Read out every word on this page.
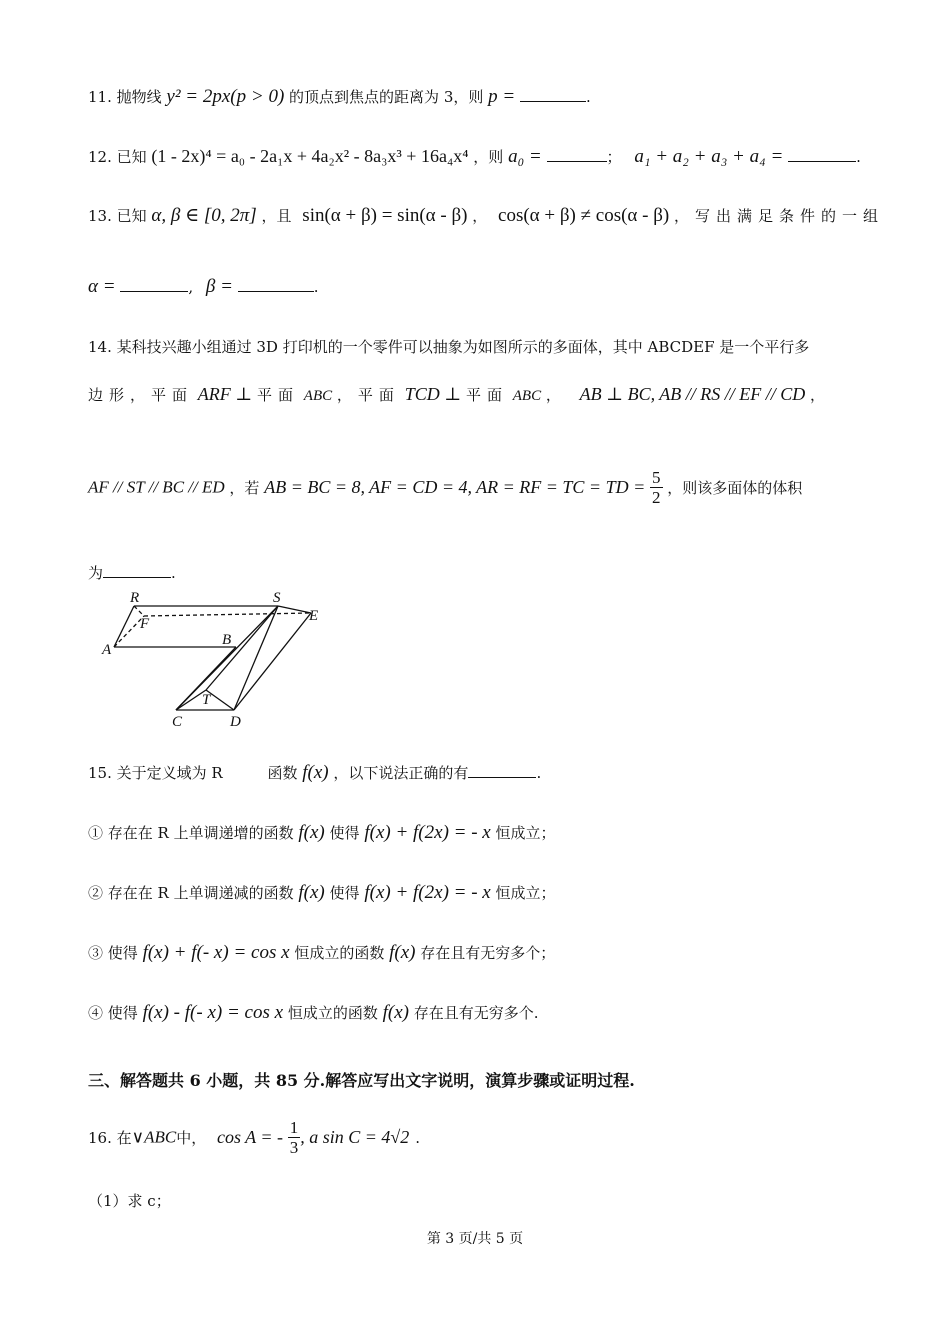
11. 抛物线 y² = 2px(p > 0) 的顶点到焦点的距离为 3，则 p =	.
12. 已知 (1 - 2x)⁴ = a₀ - 2a₁x + 4a₂x² - 8a₃x³ + 16a₄x⁴ ，则 a₀ =	； a₁ + a₂ + a₃ + a₄ =	.
13. 已知 α, β ∈ [0, 2π] ，且 sin(α + β) = sin(α - β) ， cos(α + β) ≠ cos(α - β) ，写出满足条件的一组
α =	, β =	.
14. 某科技兴趣小组通过 3D 打印机的一个零件可以抽象为如图所示的多面体，其中 ABCDEF 是一个平行多
边形，平面 ARF ⊥ 平面 ABC ，平面 TCD ⊥ 平面 ABC ， AB ⊥ BC, AB // RS // EF // CD ，
AF // ST // BC // ED ，若 AB = BC = 8, AF = CD = 4, AR = RF = TC = TD = $\frac{5}{2}$ ，则该多面体的体积
为	.
R	S
E
F
A
B
T
C	D
15. 关于定义域为 R	函数 f(x) ，以下说法正确的有	.
① 存在在 R 上单调递增的函数 f(x) 使得 f(x) + f(2x) = - x 恒成立；
② 存在在 R 上单调递减的函数 f(x) 使得 f(x) + f(2x) = - x 恒成立；
③ 使得 f(x) + f(- x) = cos x 恒成立的函数 f(x) 存在且有无穷多个；
④ 使得 f(x) - f(- x) = cos x 恒成立的函数 f(x) 存在且有无穷多个.
三、解答题共 6 小题，共 85 分.解答应写出文字说明，演算步骤或证明过程.
16. 在∨ABC中， cos A = - $\frac{1}{3}$ , a sin C = 4√2 .
（1）求 c；
第 3 页/共 5 页
